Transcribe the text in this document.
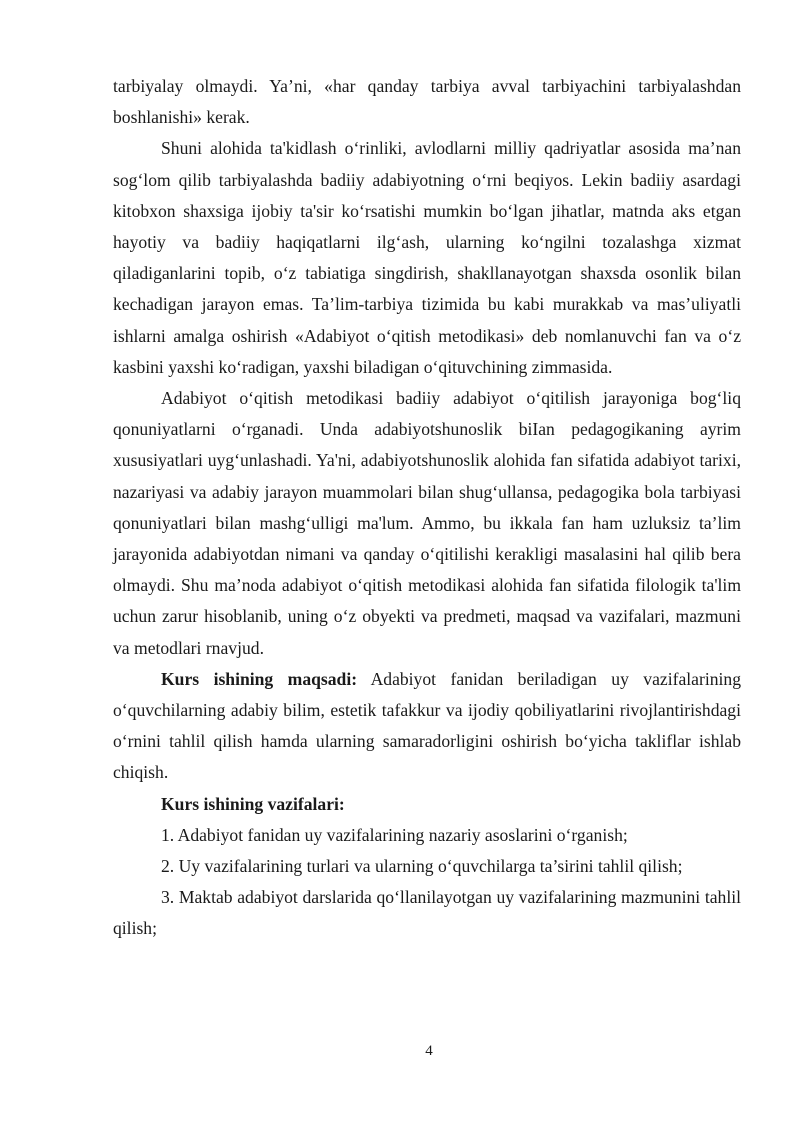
tarbiyalay olmaydi. Ya’ni, «har qanday tarbiya avval tarbiyachini tarbiyalashdan boshlanishi» kerak.

Shuni alohida ta'kidlash o‘rinliki, avlodlarni milliy qadriyatlar asosida ma’nan sog‘lom qilib tarbiyalashda badiiy adabiyotning o‘rni beqiyos. Lekin badiiy asardagi kitobxon shaxsiga ijobiy ta'sir ko‘rsatishi mumkin bo‘lgan jihatlar, matnda aks etgan hayotiy va badiiy haqiqatlarni ilg‘ash, ularning ko‘ngilni tozalashga xizmat qiladiganlarini topib, o‘z tabiatiga singdirish, shakllanayotgan shaxsda osonlik bilan kechadigan jarayon emas. Ta’lim-tarbiya tizimida bu kabi murakkab va mas’uliyatli ishlarni amalga oshirish «Adabiyot o‘qitish metodikasi» deb nomlanuvchi fan va o‘z kasbini yaxshi ko‘radigan, yaxshi biladigan o‘qituvchining zimmasida.

Adabiyot o‘qitish metodikasi badiiy adabiyot o‘qitilish jarayoniga bog‘liq qonuniyatlarni o‘rganadi. Unda adabiyotshunoslik biIan pedagogikaning ayrim xususiyatlari uyg‘unlashadi. Ya'ni, adabiyotshunoslik alohida fan sifatida adabiyot tarixi, nazariyasi va adabiy jarayon muammolari bilan shug‘ullansa, pedagogika bola tarbiyasi qonuniyatlari bilan mashg‘ulligi ma'lum. Ammo, bu ikkala fan ham uzluksiz ta’lim jarayonida adabiyotdan nimani va qanday o‘qitilishi kerakligi masalasini hal qilib bera olmaydi. Shu ma’noda adabiyot o‘qitish metodikasi alohida fan sifatida filologik ta'lim uchun zarur hisoblanib, uning o‘z obyekti va predmeti, maqsad va vazifalari, mazmuni va metodlari rnavjud.

Kurs ishining maqsadi: Adabiyot fanidan beriladigan uy vazifalarining o‘quvchilarning adabiy bilim, estetik tafakkur va ijodiy qobiliyatlarini rivojlantirishdagi o‘rnini tahlil qilish hamda ularning samaradorligini oshirish bo‘yicha takliflar ishlab chiqish.

Kurs ishining vazifalari:

1. Adabiyot fanidan uy vazifalarining nazariy asoslarini o‘rganish;

2. Uy vazifalarining turlari va ularning o‘quvchilarga ta’sirini tahlil qilish;

3. Maktab adabiyot darslarida qo‘llanilayotgan uy vazifalarining mazmunini tahlil qilish;

4
